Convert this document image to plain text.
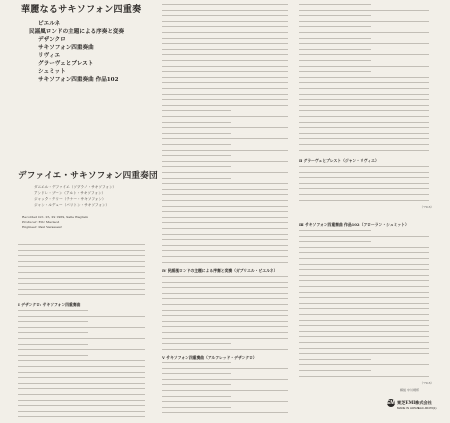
華麗なるサキソフォン四重奏
ピエルネ
民謡風ロンドの主題による序奏と変奏
デザンクロ
サキソフォン四重奏曲
リヴィエ
グラーヴェとプレスト
シュミット
サキソフォン四重奏曲 作品102
デファイエ・サキソフォン四重奏団
ダニエル・デファイエ（ソプラノ・サキソフォン）
アンドレ・ブーン（アルト・サキソフォン）
ジャック・テリー（テナー・サキソフォン）
ジャン・ルデュー（バリトン・サキソフォン）
Recorded Oct. 25, 29 1969, Salle Wagram
Producer: Eric Macleod
Engineer: Paul Vavasseur
Ⅰ デザンクロ: サキソフォン四重奏曲
Ⅱ グラーヴェとプレスト（ジャン・リヴィエ）
Ⅲ サキソフォン四重奏曲 作品102（フローラン・シュミット）
Ⅳ 民謡風ロンドの主題による序奏と変奏（ガブリエル・ピエルネ）
Ⅴ サキソフォン四重奏曲（アルフレッド・デザンクロ）
（'70.6）
（'70.6）
解説 中川靖邦
EMI 東芝EMI株式会社
MADE IN JAPAN EAC-90470(1)
